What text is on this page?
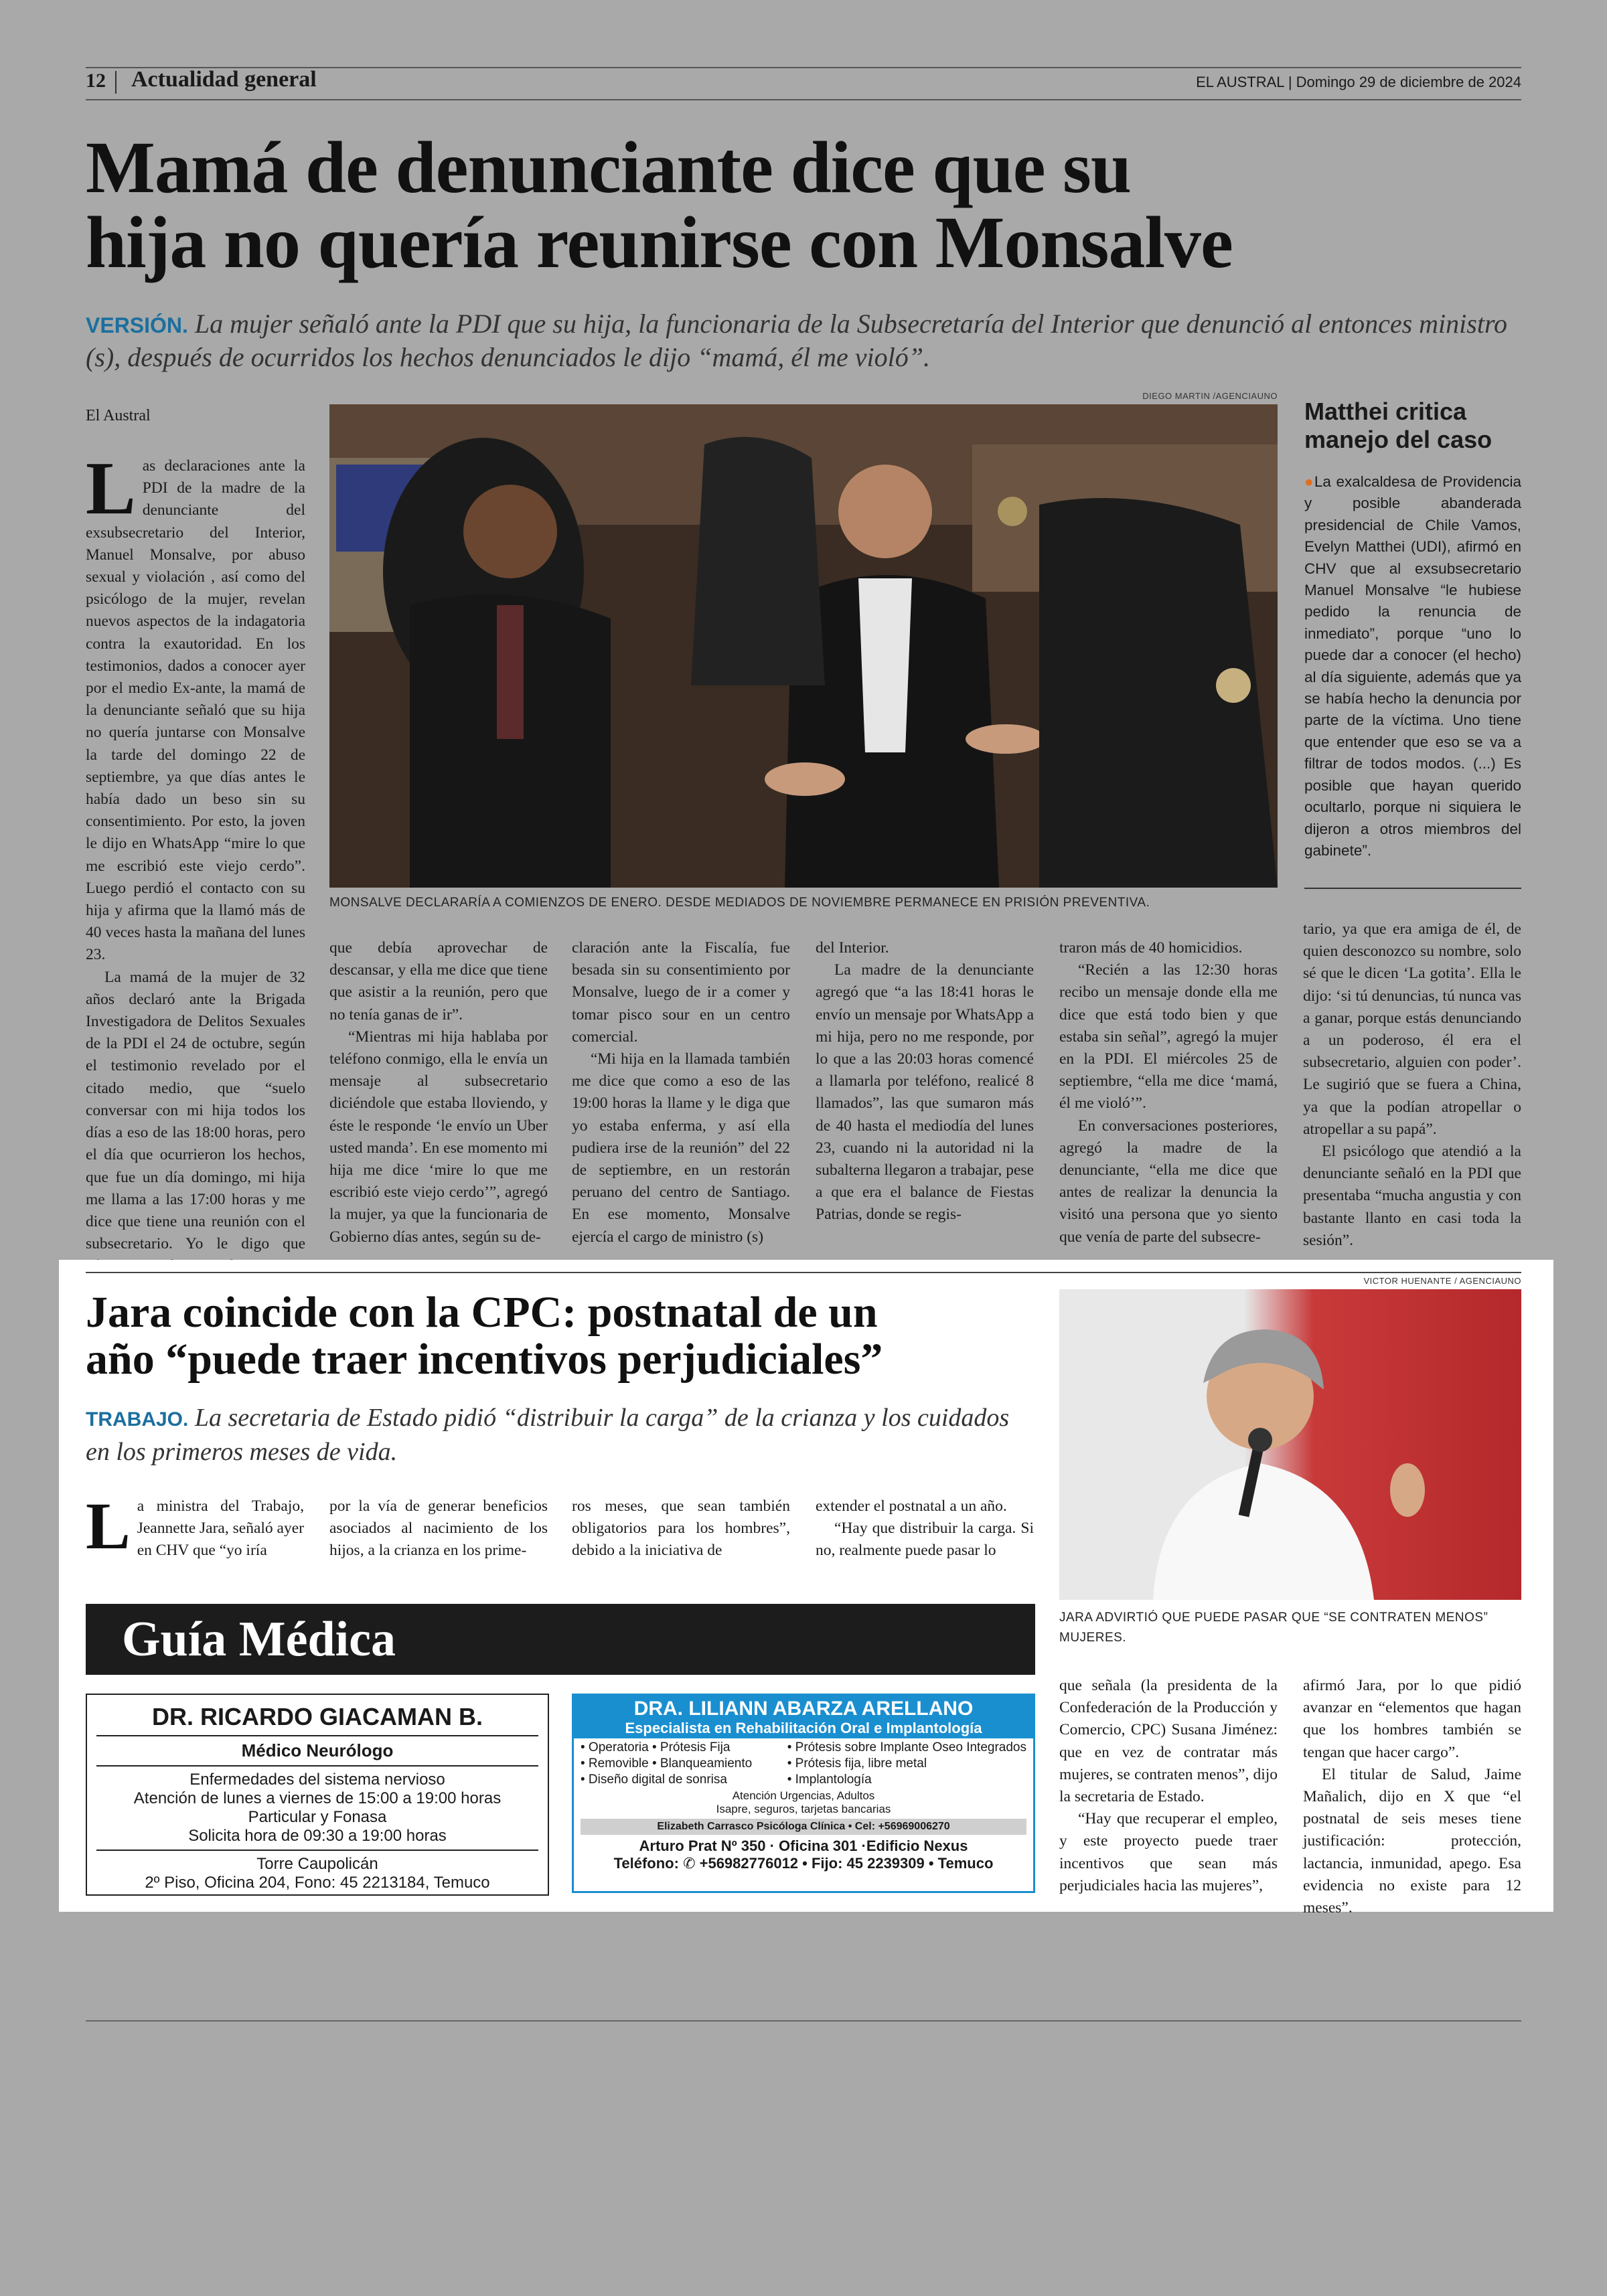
12 Actualidad general	EL AUSTRAL | Domingo 29 de diciembre de 2024
Mamá de denunciante dice que su
hija no quería reunirse con Monsalve
VERSIÓN. La mujer señaló ante la PDI que su hija, la funcionaria de la Subsecretaría del Interior que denunció al entonces ministro (s), después de ocurridos los hechos denunciados le dijo “mamá, él me violó”.
El Austral

Las declaraciones ante la PDI de la madre de la denunciante del exsubsecretario del Interior, Manuel Monsalve, por abuso sexual y violación , así como del psicólogo de la mujer, revelan nuevos aspectos de la indagatoria contra la exautoridad. En los testimonios, dados a conocer ayer por el medio Ex-ante, la mamá de la denunciante señaló que su hija no quería juntarse con Monsalve la tarde del domingo 22 de septiembre, ya que días antes le había dado un beso sin su consentimiento. Por esto, la joven le dijo en WhatsApp “mire lo que me escribió este viejo cerdo”. Luego perdió el contacto con su hija y afirma que la llamó más de 40 veces hasta la mañana del lunes 23.

La mamá de la mujer de 32 años declaró ante la Brigada Investigadora de Delitos Sexuales de la PDI el 24 de octubre, según el testimonio revelado por el citado medio, que “suelo conversar con mi hija todos los días a eso de las 18:00 horas, pero el día que ocurrieron los hechos, que fue un día domingo, mi hija me llama a las 17:00 horas y me dice que tiene una reunión con el subsecretario. Yo le digo que

DIEGO MARTIN /AGENCIAUNO
MONSALVE DECLARARÍA A COMIENZOS DE ENERO. DESDE MEDIADOS DE NOVIEMBRE PERMANECE EN PRISIÓN PREVENTIVA.
Matthei critica manejo del caso
●La exalcaldesa de Providencia y posible abanderada presidencial de Chile Vamos, Evelyn Matthei (UDI), afirmó en CHV que al exsubsecretario Manuel Monsalve “le hubiese pedido la renuncia de inmediato”, porque “uno lo puede dar a conocer (el hecho) al día siguiente, además que ya se había hecho la denuncia por parte de la víctima. Uno tiene que entender que eso se va a filtrar de todos modos. (...) Es posible que hayan querido ocultarlo, porque ni siquiera le dijeron a otros miembros del gabinete”.

que debía aprovechar de descansar, y ella me dice que tiene que asistir a la reunión, pero que no tenía ganas de ir”.

“Mientras mi hija hablaba por teléfono conmigo, ella le envía un mensaje al subsecretario diciéndole que estaba lloviendo, y éste le responde ‘le envío un Uber usted manda’. En ese momento mi hija me dice ‘mire lo que me escribió este viejo cerdo’”, agregó la mujer, ya que la funcionaria de Gobierno días antes, según su de-

claración ante la Fiscalía, fue besada sin su consentimiento por Monsalve, luego de ir a comer y tomar pisco sour en un centro comercial.

“Mi hija en la llamada también me dice que como a eso de las 19:00 horas la llame y le diga que yo estaba enferma, y así ella pudiera irse de la reunión” del 22 de septiembre, en un restorán peruano del centro de Santiago. En ese momento, Monsalve ejercía el cargo de ministro (s)

del Interior.

La madre de la denunciante agregó que “a las 18:41 horas le envío un mensaje por WhatsApp a mi hija, pero no me responde, por lo que a las 20:03 horas comencé a llamarla por teléfono, realicé 8 llamados”, las que sumaron más de 40 hasta el mediodía del lunes 23, cuando ni la autoridad ni la subalterna llegaron a trabajar, pese a que era el balance de Fiestas Patrias, donde se regis-

traron más de 40 homicidios.

“Recién a las 12:30 horas recibo un mensaje donde ella me dice que está todo bien y que estaba sin señal”, agregó la mujer en la PDI. El miércoles 25 de septiembre, “ella me dice ‘mamá, él me violó’”.

En conversaciones posteriores, agregó la madre de la denunciante, “ella me dice que antes de realizar la denuncia la visitó una persona que yo siento que venía de parte del subsecre-

tario, ya que era amiga de él, de quien desconozco su nombre, solo sé que le dicen ‘La gotita’. Ella le dijo: ‘si tú denuncias, tú nunca vas a ganar, porque estás denunciando a un poderoso, él era el subsecretario, alguien con poder’. Le sugirió que se fuera a China, ya que la podían atropellar o atropellar a su papá”.

El psicólogo que atendió a la denunciante señaló en la PDI que presentaba “mucha angustia y con bastante llanto en casi toda la sesión”.

Jara coincide con la CPC: postnatal de un
año “puede traer incentivos perjudiciales”
TRABAJO. La secretaria de Estado pidió “distribuir la carga” de la crianza y los cuidados en los primeros meses de vida.

La ministra del Trabajo, Jeannette Jara, señaló ayer en CHV que “yo iría

por la vía de generar beneficios asociados al nacimiento de los hijos, a la crianza en los prime-

ros meses, que sean también obligatorios para los hombres”, debido a la iniciativa de

extender el postnatal a un año.

“Hay que distribuir la carga. Si no, realmente puede pasar lo

VICTOR HUENANTE / AGENCIAUNO
JARA ADVIRTIÓ QUE PUEDE PASAR QUE “SE CONTRATEN MENOS” MUJERES.

que señala (la presidenta de la Confederación de la Producción y Comercio, CPC) Susana Jiménez: que en vez de contratar más mujeres, se contraten menos”, dijo la secretaria de Estado.

“Hay que recuperar el empleo, y este proyecto puede traer incentivos que sean más perjudiciales hacia las mujeres”,

afirmó Jara, por lo que pidió avanzar en “elementos que hagan que los hombres también se tengan que hacer cargo”.

El titular de Salud, Jaime Mañalich, dijo en X que “el postnatal de seis meses tiene justificación: protección, lactancia, inmunidad, apego. Esa evidencia no existe para 12 meses”.

Guía Médica
DR. RICARDO GIACAMAN B.
Médico Neurólogo
Enfermedades del sistema nervioso
Atención de lunes a viernes de 15:00 a 19:00 horas
Particular y Fonasa
Solicita hora de 09:30 a 19:00 horas
Torre Caupolicán
2º Piso, Oficina 204, Fono: 45 2213184, Temuco
DRA. LILIANN ABARZA ARELLANO
Especialista en Rehabilitación Oral e Implantología
• Operatoria • Prótesis Fija
• Removible • Blanqueamiento
• Diseño digital de sonrisa
• Prótesis sobre Implante Oseo Integrados
• Prótesis fija, libre metal
• Implantología
Atención Urgencias, Adultos
Isapre, seguros, tarjetas bancarias
Elizabeth Carrasco Psicóloga Clínica • Cel: +56969006270
Arturo Prat Nº 350 · Oficina 301 ·Edificio Nexus
Teléfono: ✆ +56982776012 • Fijo: 45 2239309 • Temuco
